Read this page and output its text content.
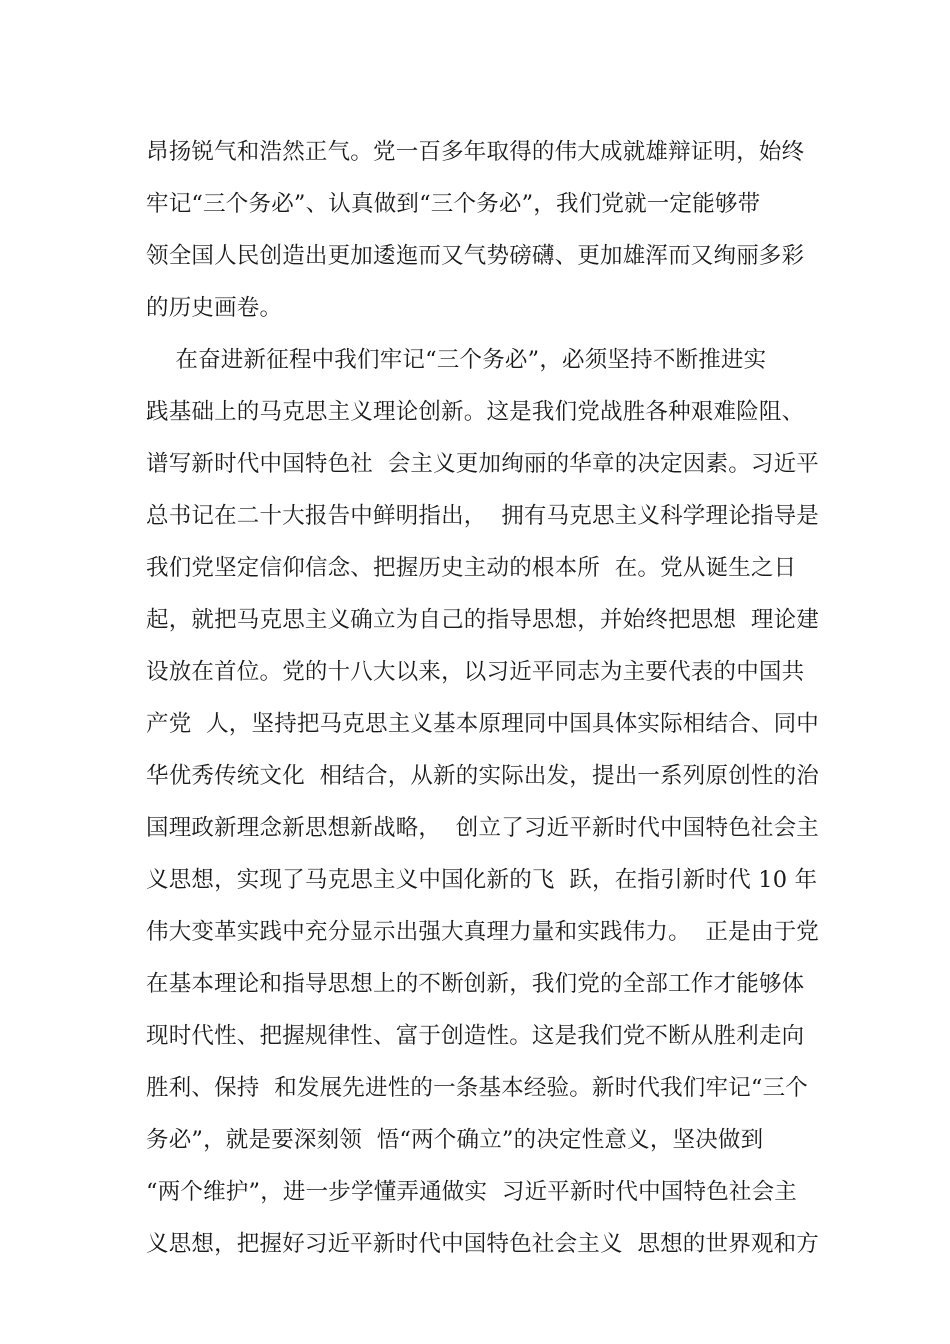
昂扬锐气和浩然正气。党一百多年取得的伟大成就雄辩证明，始终
牢记“三个务必”、认真做到“三个务必”，我们党就一定能够带
领全国人民创造出更加逶迤而又气势磅礴、更加雄浑而又绚丽多彩
的历史画卷。
在奋进新征程中我们牢记“三个务必”，必须坚持不断推进实
践基础上的马克思主义理论创新。这是我们党战胜各种艰难险阻、
谱写新时代中国特色社  会主义更加绚丽的华章的决定因素。习近平
总书记在二十大报告中鲜明指出，  拥有马克思主义科学理论指导是
我们党坚定信仰信念、把握历史主动的根本所  在。党从诞生之日
起，就把马克思主义确立为自己的指导思想，并始终把思想  理论建
设放在首位。党的十八大以来，以习近平同志为主要代表的中国共
产党  人，坚持把马克思主义基本原理同中国具体实际相结合、同中
华优秀传统文化  相结合，从新的实际出发，提出一系列原创性的治
国理政新理念新思想新战略，  创立了习近平新时代中国特色社会主
义思想，实现了马克思主义中国化新的飞  跃，在指引新时代 10 年
伟大变革实践中充分显示出强大真理力量和实践伟力。  正是由于党
在基本理论和指导思想上的不断创新，我们党的全部工作才能够体
现时代性、把握规律性、富于创造性。这是我们党不断从胜利走向
胜利、保持  和发展先进性的一条基本经验。新时代我们牢记“三个
务必”，就是要深刻领  悟“两个确立”的决定性意义，坚决做到
“两个维护”，进一步学懂弄通做实  习近平新时代中国特色社会主
义思想，把握好习近平新时代中国特色社会主义  思想的世界观和方
